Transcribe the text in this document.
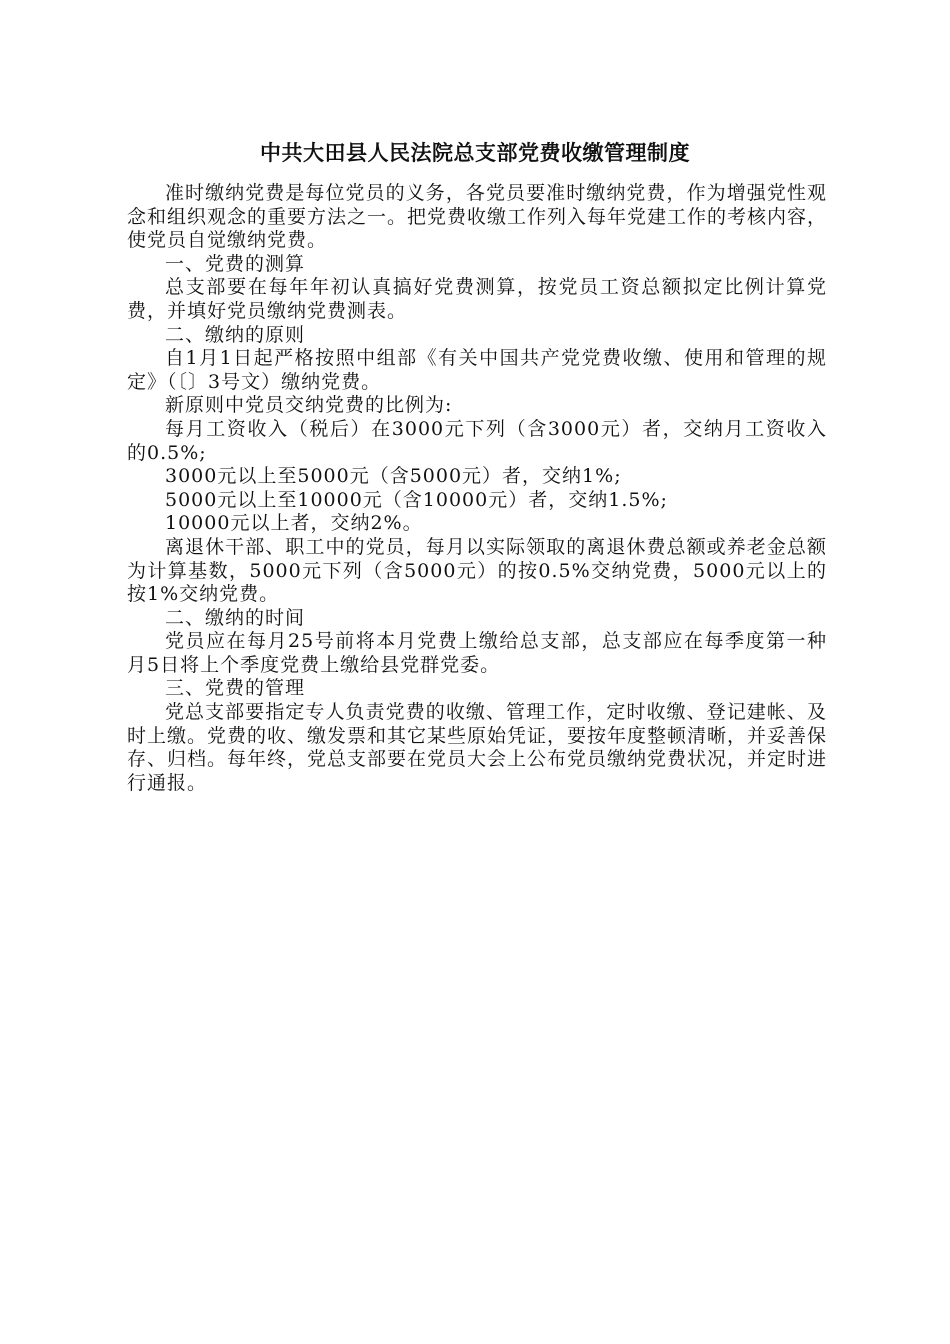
中共大田县人民法院总支部党费收缴管理制度

准时缴纳党费是每位党员的义务，各党员要准时缴纳党费，作为增强党性观念和组织观念的重要方法之一。把党费收缴工作列入每年党建工作的考核内容，使党员自觉缴纳党费。

一、党费的测算

总支部要在每年年初认真搞好党费测算，按党员工资总额拟定比例计算党费，并填好党员缴纳党费测表。

二、缴纳的原则

自1月1日起严格按照中组部《有关中国共产党党费收缴、使用和管理的规定》（〔〕3号文）缴纳党费。

新原则中党员交纳党费的比例为:

每月工资收入（税后）在3000元下列（含3000元）者，交纳月工资收入的0.5%;

3000元以上至5000元（含5000元）者，交纳1%;

5000元以上至10000元（含10000元）者，交纳1.5%;

10000元以上者，交纳2%。

离退休干部、职工中的党员，每月以实际领取的离退休费总额或养老金总额为计算基数，5000元下列（含5000元）的按0.5%交纳党费，5000元以上的按1%交纳党费。

二、缴纳的时间

党员应在每月25号前将本月党费上缴给总支部，总支部应在每季度第一种月5日将上个季度党费上缴给县党群党委。

三、党费的管理

党总支部要指定专人负责党费的收缴、管理工作，定时收缴、登记建帐、及时上缴。党费的收、缴发票和其它某些原始凭证，要按年度整顿清晰，并妥善保存、归档。每年终，党总支部要在党员大会上公布党员缴纳党费状况，并定时进行通报。
